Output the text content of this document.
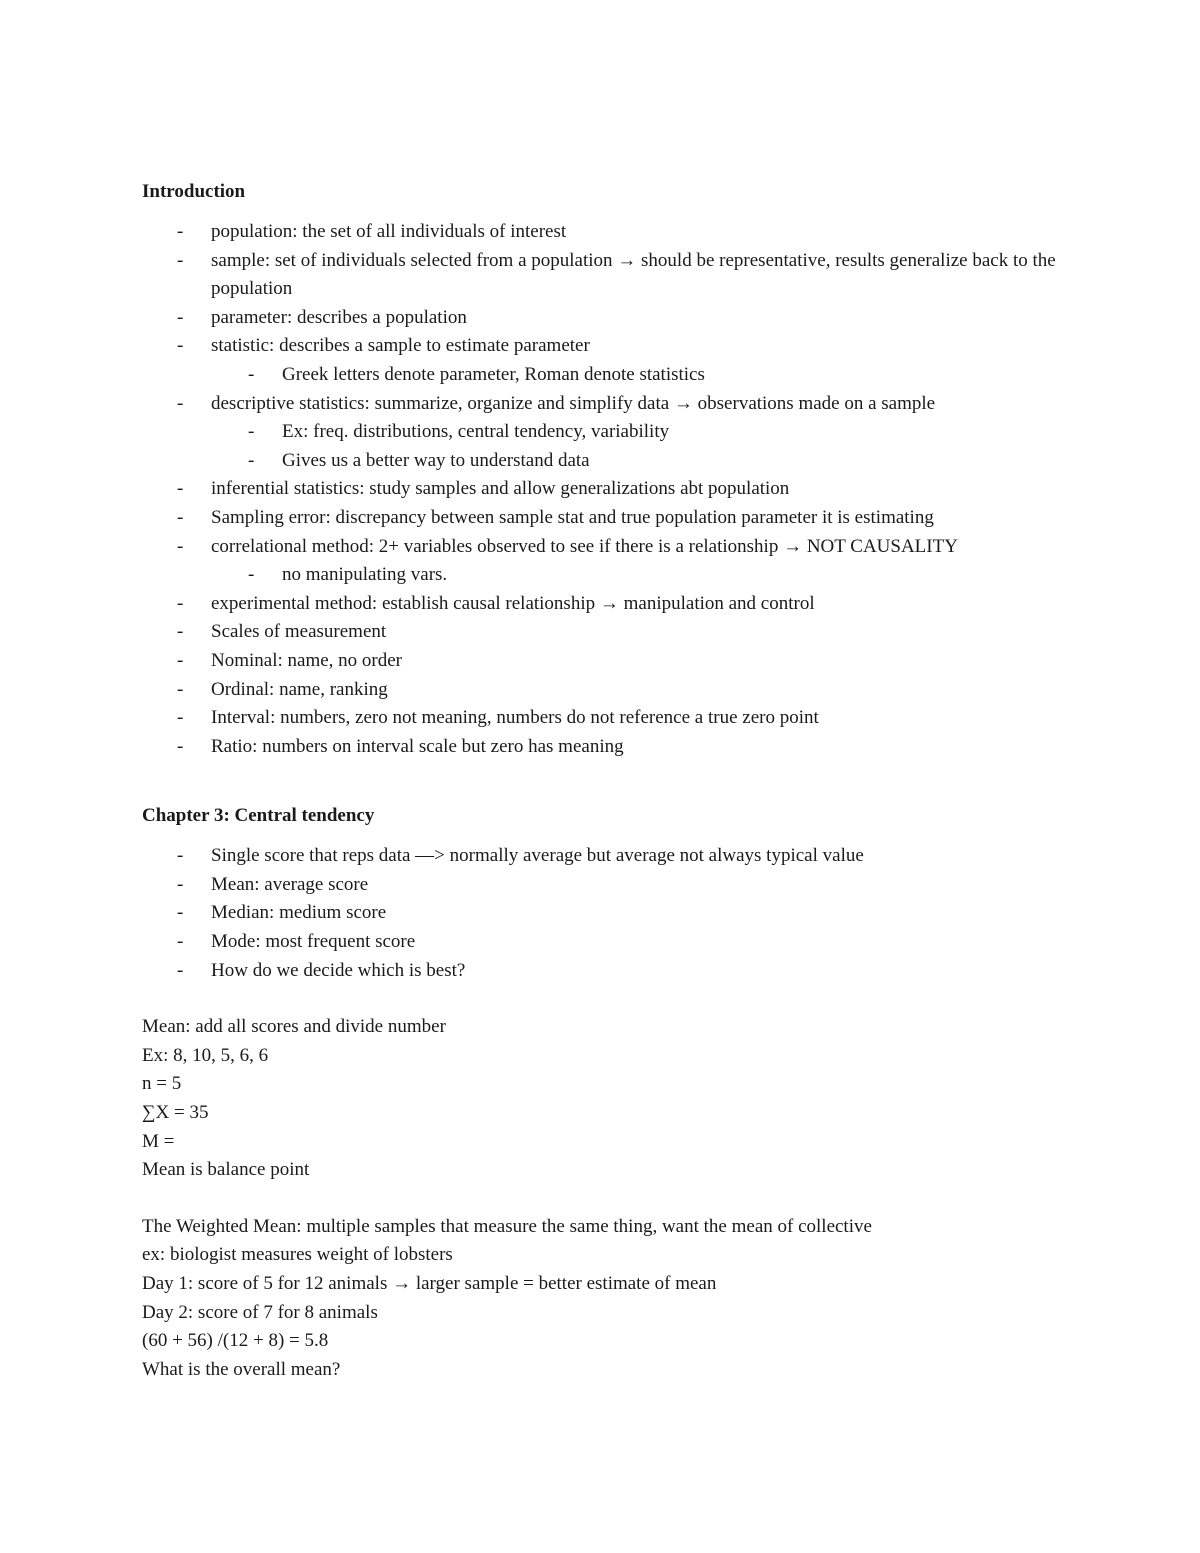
Introduction

- population: the set of all individuals of interest
- sample: set of individuals selected from a population → should be representative, results generalize back to the population
- parameter: describes a population
- statistic: describes a sample to estimate parameter
- Greek letters denote parameter, Roman denote statistics
- descriptive statistics: summarize, organize and simplify data → observations made on a sample
- Ex: freq. distributions, central tendency, variability
- Gives us a better way to understand data
- inferential statistics: study samples and allow generalizations abt population
- Sampling error: discrepancy between sample stat and true population parameter it is estimating
- correlational method: 2+ variables observed to see if there is a relationship → NOT CAUSALITY
- no manipulating vars.
- experimental method: establish causal relationship → manipulation and control
- Scales of measurement
- Nominal: name, no order
- Ordinal: name, ranking
- Interval: numbers, zero not meaning, numbers do not reference a true zero point
- Ratio: numbers on interval scale but zero has meaning

Chapter 3: Central tendency

- Single score that reps data —> normally average but average not always typical value
- Mean: average score
- Median: medium score
- Mode: most frequent score
- How do we decide which is best?

Mean: add all scores and divide number

Ex: 8, 10, 5, 6, 6

n = 5

∑X = 35

M =

Mean is balance point

The Weighted Mean: multiple samples that measure the same thing, want the mean of collective

ex: biologist measures weight of lobsters

Day 1: score of 5 for 12 animals → larger sample = better estimate of mean

Day 2: score of 7 for 8 animals

(60 + 56) /(12 + 8) = 5.8

What is the overall mean?
